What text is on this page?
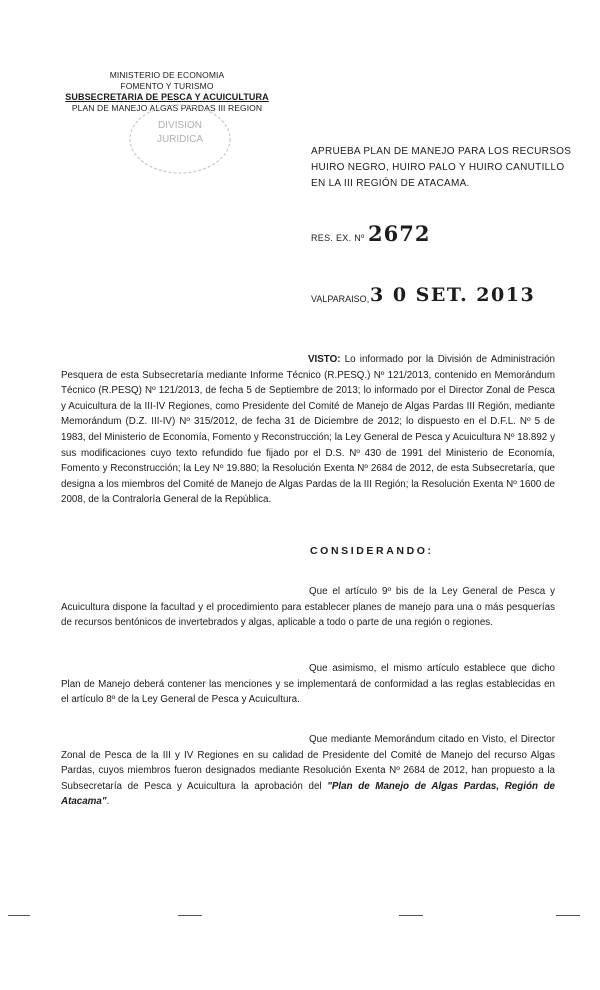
MINISTERIO DE ECONOMIA
FOMENTO Y TURISMO
SUBSECRETARIA DE PESCA Y ACUICULTURA
PLAN DE MANEJO ALGAS PARDAS III REGION
DIVISION
JURIDICA
APRUEBA PLAN DE MANEJO PARA LOS RECURSOS HUIRO NEGRO, HUIRO PALO Y HUIRO CANUTILLO EN LA III REGIÓN DE ATACAMA.
RES. EX. Nº 2672
VALPARAISO, 3 0 SET. 2013
VISTO: Lo informado por la División de Administración Pesquera de esta Subsecretaría mediante Informe Técnico (R.PESQ.) Nº 121/2013, contenido en Memorándum Técnico (R.PESQ) Nº 121/2013, de fecha 5 de Septiembre de 2013; lo informado por el Director Zonal de Pesca y Acuicultura de la III-IV Regiones, como Presidente del Comité de Manejo de Algas Pardas III Región, mediante Memorándum (D.Z. III-IV) Nº 315/2012, de fecha 31 de Diciembre de 2012; lo dispuesto en el D.F.L. Nº 5 de 1983, del Ministerio de Economía, Fomento y Reconstrucción; la Ley General de Pesca y Acuicultura Nº 18.892 y sus modificaciones cuyo texto refundido fue fijado por el D.S. Nº 430 de 1991 del Ministerio de Economía, Fomento y Reconstrucción; la Ley Nº 19.880; la Resolución Exenta Nº 2684 de 2012, de esta Subsecretaría, que designa a los miembros del Comité de Manejo de Algas Pardas de la III Región; la Resolución Exenta Nº 1600 de 2008, de la Contraloría General de la República.
CONSIDERANDO:
Que el artículo 9º bis de la Ley General de Pesca y Acuicultura dispone la facultad y el procedimiento para establecer planes de manejo para una o más pesquerías de recursos bentónicos de invertebrados y algas, aplicable a todo o parte de una región o regiones.
Que asimismo, el mismo artículo establece que dicho Plan de Manejo deberá contener las menciones y se implementará de conformidad a las reglas establecidas en el artículo 8º de la Ley General de Pesca y Acuicultura.
Que mediante Memorándum citado en Visto, el Director Zonal de Pesca de la III y IV Regiones en su calidad de Presidente del Comité de Manejo del recurso Algas Pardas, cuyos miembros fueron designados mediante Resolución Exenta Nº 2684 de 2012, han propuesto a la Subsecretaría de Pesca y Acuicultura la aprobación del "Plan de Manejo de Algas Pardas, Región de Atacama".
